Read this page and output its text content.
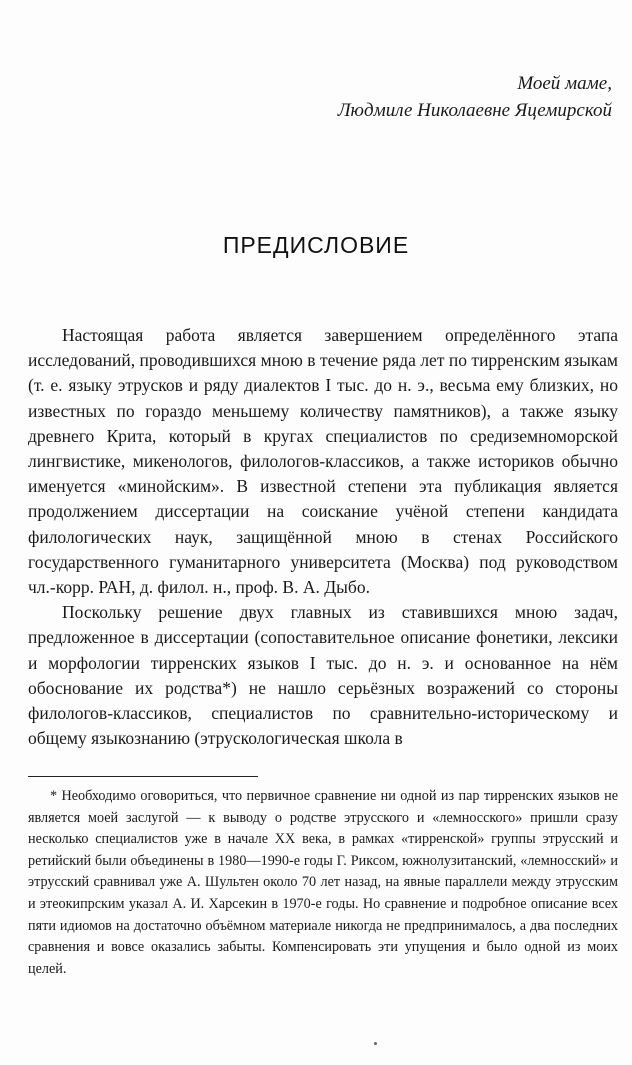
Моей маме,
Людмиле Николаевне Яцемирской
ПРЕДИСЛОВИЕ

Настоящая работа является завершением определённого этапа исследований, проводившихся мною в течение ряда лет по тирренским языкам (т. е. языку этрусков и ряду диалектов I тыс. до н. э., весьма ему близких, но известных по гораздо меньшему количеству памятников), а также языку древнего Крита, который в кругах специалистов по средиземноморской лингвистике, микенологов, филологов-классиков, а также историков обычно именуется «минойским». В известной степени эта публикация является продолжением диссертации на соискание учёной степени кандидата филологических наук, защищённой мною в стенах Российского государственного гуманитарного университета (Москва) под руководством чл.-корр. РАН, д. филол. н., проф. В. А. Дыбо.

Поскольку решение двух главных из ставившихся мною задач, предложенное в диссертации (сопоставительное описание фонетики, лексики и морфологии тирренских языков I тыс. до н. э. и основанное на нём обоснование их родства*) не нашло серьёзных возражений со стороны филологов-классиков, специалистов по сравнительно-историческому и общему языкознанию (этрускологическая школа в

* Необходимо оговориться, что первичное сравнение ни одной из пар тирренских языков не является моей заслугой — к выводу о родстве этрусского и «лемносского» пришли сразу несколько специалистов уже в начале XX века, в рамках «тирренской» группы этрусский и ретийский были объединены в 1980—1990-е годы Г. Риксом, южнолузитанский, «лемносский» и этрусский сравнивал уже А. Шультен около 70 лет назад, на явные параллели между этрусским и этеокипрским указал А. И. Харсекин в 1970-е годы. Но сравнение и подробное описание всех пяти идиомов на достаточно объёмном материале никогда не предпринималось, а два последних сравнения и вовсе оказались забыты. Компенсировать эти упущения и было одной из моих целей.
